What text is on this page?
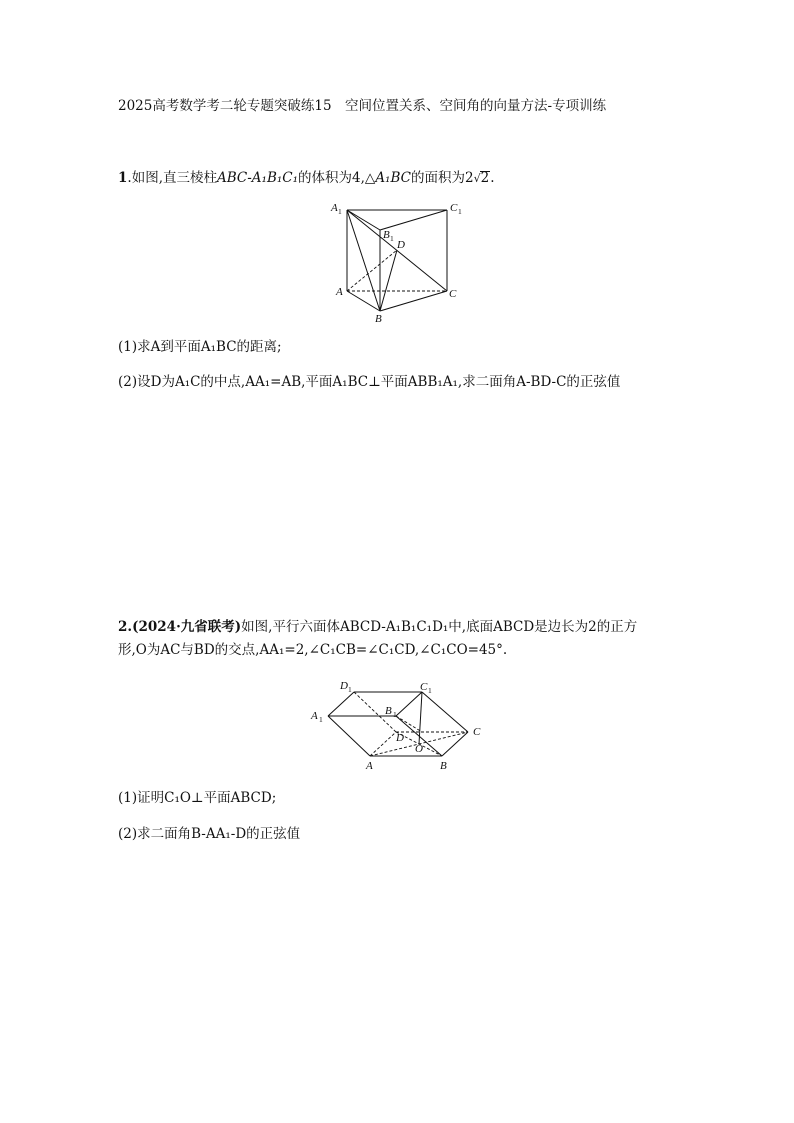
2025高考数学考二轮专题突破练15　空间位置关系、空间角的向量方法-专项训练
1.如图,直三棱柱ABC-A₁B₁C₁的体积为4,△A₁BC的面积为2√2.
A 1	C 1
B 1
D
A	C
B
(1)求A到平面A₁BC的距离;
(2)设D为A₁C的中点,AA₁=AB,平面A₁BC⊥平面ABB₁A₁,求二面角A-BD-C的正弦值
2.(2024·九省联考)如图,平行六面体ABCD-A₁B₁C₁D₁中,底面ABCD是边长为2的正方
形,O为AC与BD的交点,AA₁=2,∠C₁CB=∠C₁CD,∠C₁CO=45°.
D 1	C 1
A 1
B 1
D
O
C
A	B
(1)证明C₁O⊥平面ABCD;
(2)求二面角B-AA₁-D的正弦值
